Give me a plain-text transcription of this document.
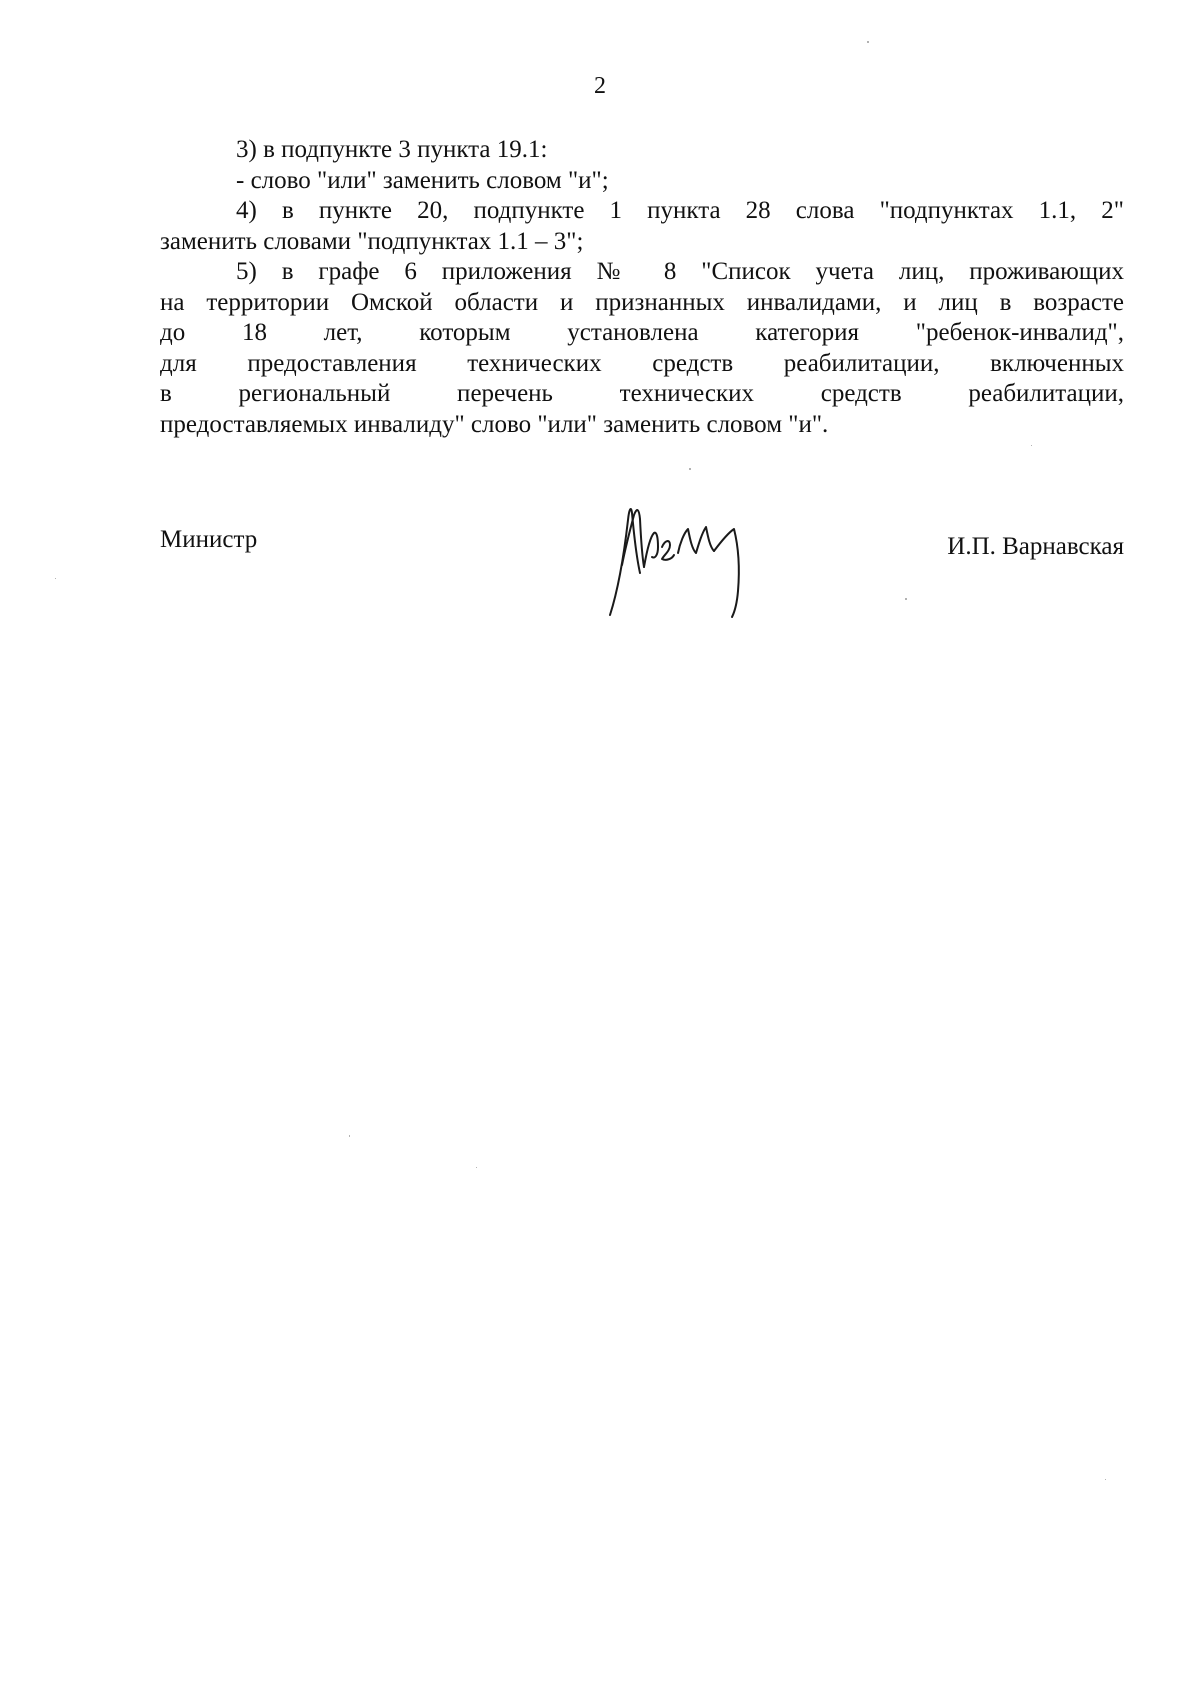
2
3) в подпункте 3 пункта 19.1:
- слово "или" заменить словом "и";
4) в пункте 20, подпункте 1 пункта 28 слова "подпунктах 1.1, 2"
заменить словами "подпунктах 1.1 – 3";
5) в графе 6 приложения № 8 "Список учета лиц, проживающих
на территории Омской области и признанных инвалидами, и лиц в возрасте
до 18 лет, которым установлена категория "ребенок-инвалид",
для предоставления технических средств реабилитации, включенных
в региональный перечень технических средств реабилитации,
предоставляемых инвалиду" слово "или" заменить словом "и".
Министр	И.П. Варнавская
